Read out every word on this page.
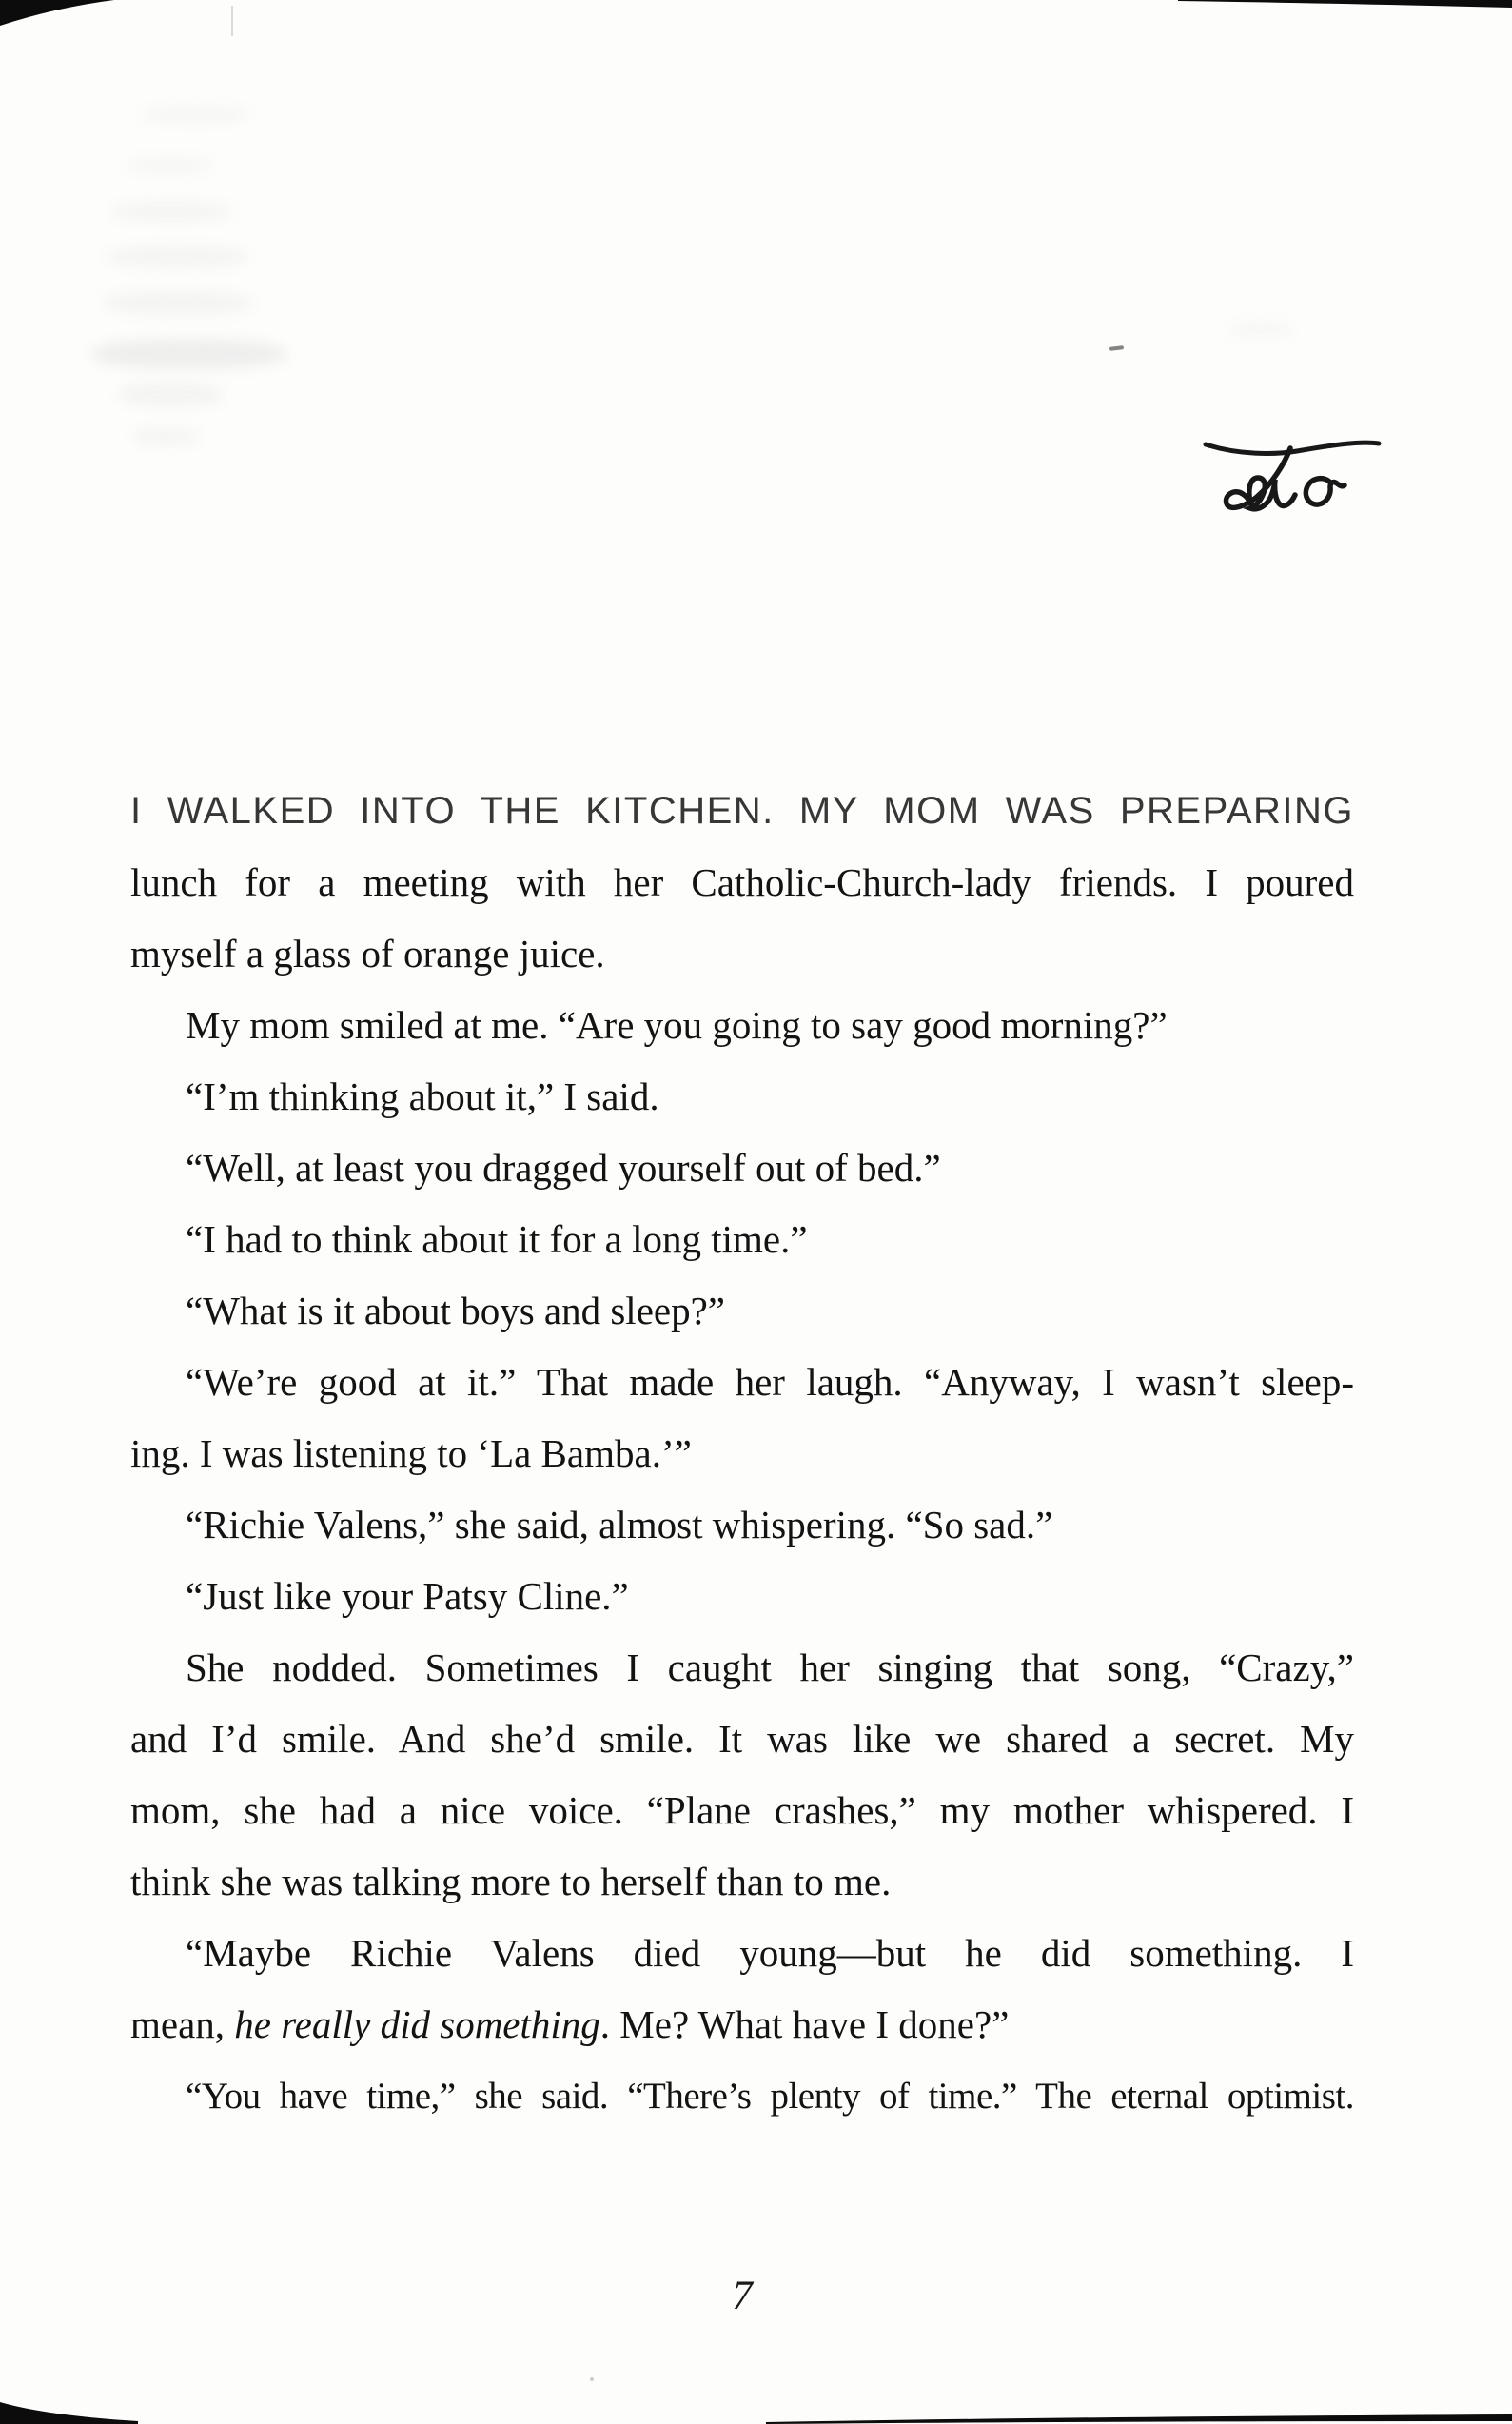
I WALKED INTO THE KITCHEN. MY MOM WAS PREPARING
lunch for a meeting with her Catholic-Church-lady friends. I poured
myself a glass of orange juice.
My mom smiled at me. “Are you going to say good morning?”
“I’m thinking about it,” I said.
“Well, at least you dragged yourself out of bed.”
“I had to think about it for a long time.”
“What is it about boys and sleep?”
“We’re good at it.” That made her laugh. “Anyway, I wasn’t sleep-
ing. I was listening to ‘La Bamba.’”
“Richie Valens,” she said, almost whispering. “So sad.”
“Just like your Patsy Cline.”
She nodded. Sometimes I caught her singing that song, “Crazy,”
and I’d smile. And she’d smile. It was like we shared a secret. My
mom, she had a nice voice. “Plane crashes,” my mother whispered. I
think she was talking more to herself than to me.
“Maybe Richie Valens died young—but he did something. I
mean, he really did something. Me? What have I done?”
“You have time,” she said. “There’s plenty of time.” The eternal optimist.
7
